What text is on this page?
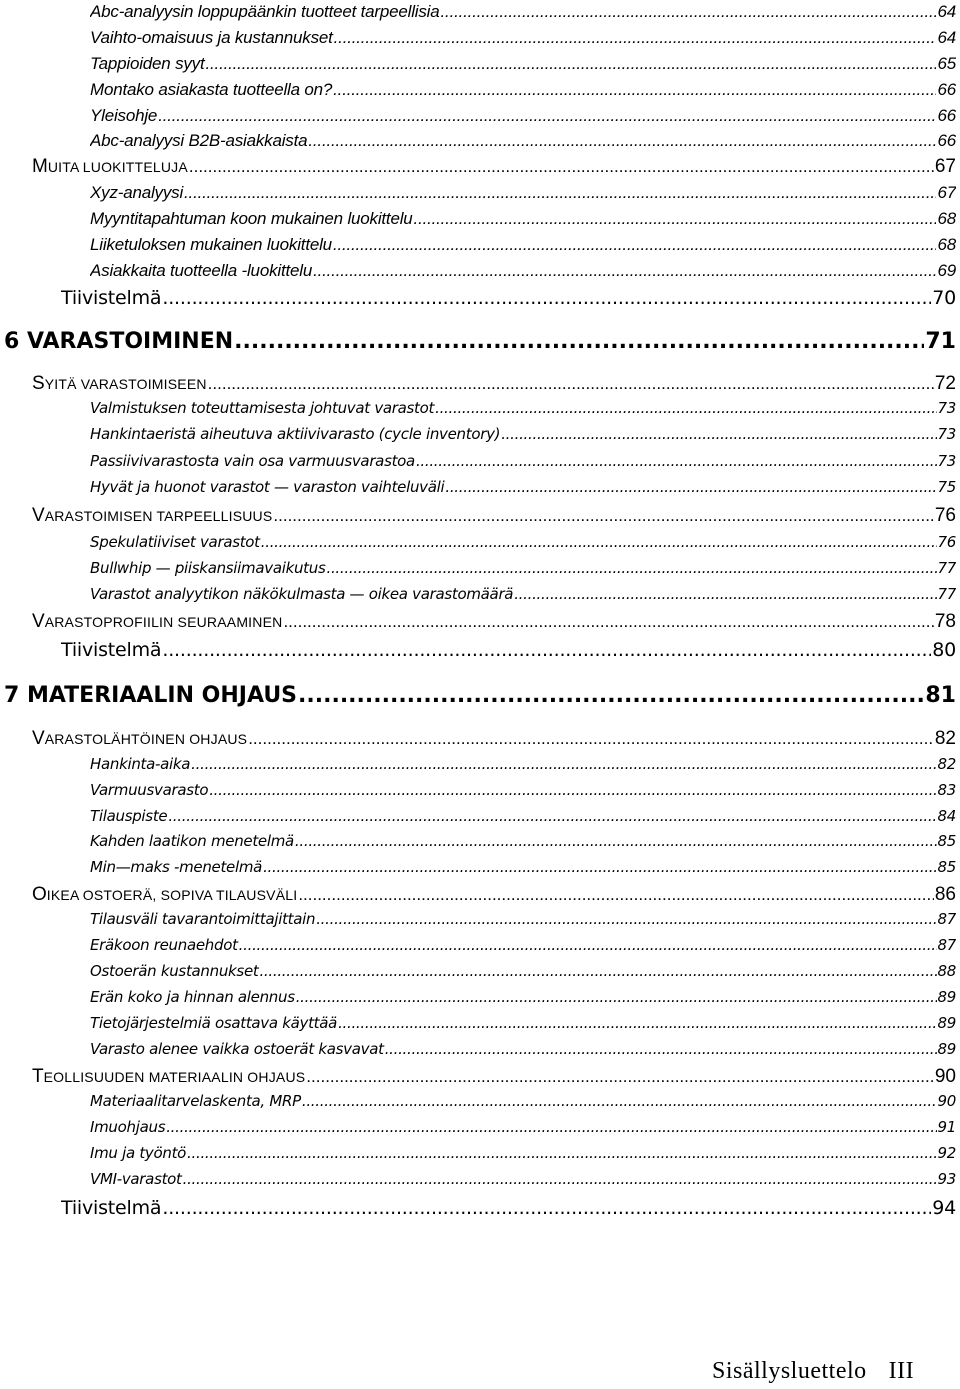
Abc-analyysin loppupäänkin tuotteet tarpeellisia .....	64
Vaihto-omaisuus ja kustannukset .....	64
Tappioiden syyt .....	65
Montako asiakasta tuotteella on? .....	66
Yleisohje .....	66
Abc-analyysi B2B-asiakkaista .....	66
MUITA LUOKITTELUJA .....	67
Xyz-analyysi .....	67
Myyntitapahtuman koon mukainen luokittelu .....	68
Liiketuloksen mukainen luokittelu .....	68
Asiakkaita tuotteella -luokittelu .....	69
Tiivistelmä .....	70
6 VARASTOIMINEN .....	71
SYITÄ VARASTOIMISEEN .....	72
Valmistuksen toteuttamisesta johtuvat varastot .....	73
Hankintaeristä aiheutuva aktiivivarasto (cycle inventory) .....	73
Passiivivarastosta vain osa varmuusvarastoa .....	73
Hyvät ja huonot varastot — varaston vaihteluväli .....	75
VARASTOIMISEN TARPEELLISUUS .....	76
Spekulatiiviset varastot .....	76
Bullwhip — piiskansiimavaikutus .....	77
Varastot analyytikon näkökulmasta — oikea varastomäärä .....	77
VARASTOPROFIILIN SEURAAMINEN .....	78
Tiivistelmä .....	80
7 MATERIAALIN OHJAUS .....	81
VARASTOLÄHTÖINEN OHJAUS .....	82
Hankinta-aika .....	82
Varmuusvarasto .....	83
Tilauspiste .....	84
Kahden laatikon menetelmä .....	85
Min—maks -menetelmä .....	85
OIKEA OSTOERÄ, SOPIVA TILAUSVÄLI .....	86
Tilausväli tavarantoimittajittain .....	87
Eräkoon reunaehdot .....	87
Ostoerän kustannukset .....	88
Erän koko ja hinnan alennus .....	89
Tietojärjestelmiä osattava käyttää .....	89
Varasto alenee vaikka ostoerät kasvavat .....	89
TEOLLISUUDEN MATERIAALIN OHJAUS .....	90
Materiaalitarvelaskenta, MRP .....	90
Imuohjaus .....	91
Imu ja työntö .....	92
VMI-varastot .....	93
Tiivistelmä .....	94
Sisällysluettelo III
